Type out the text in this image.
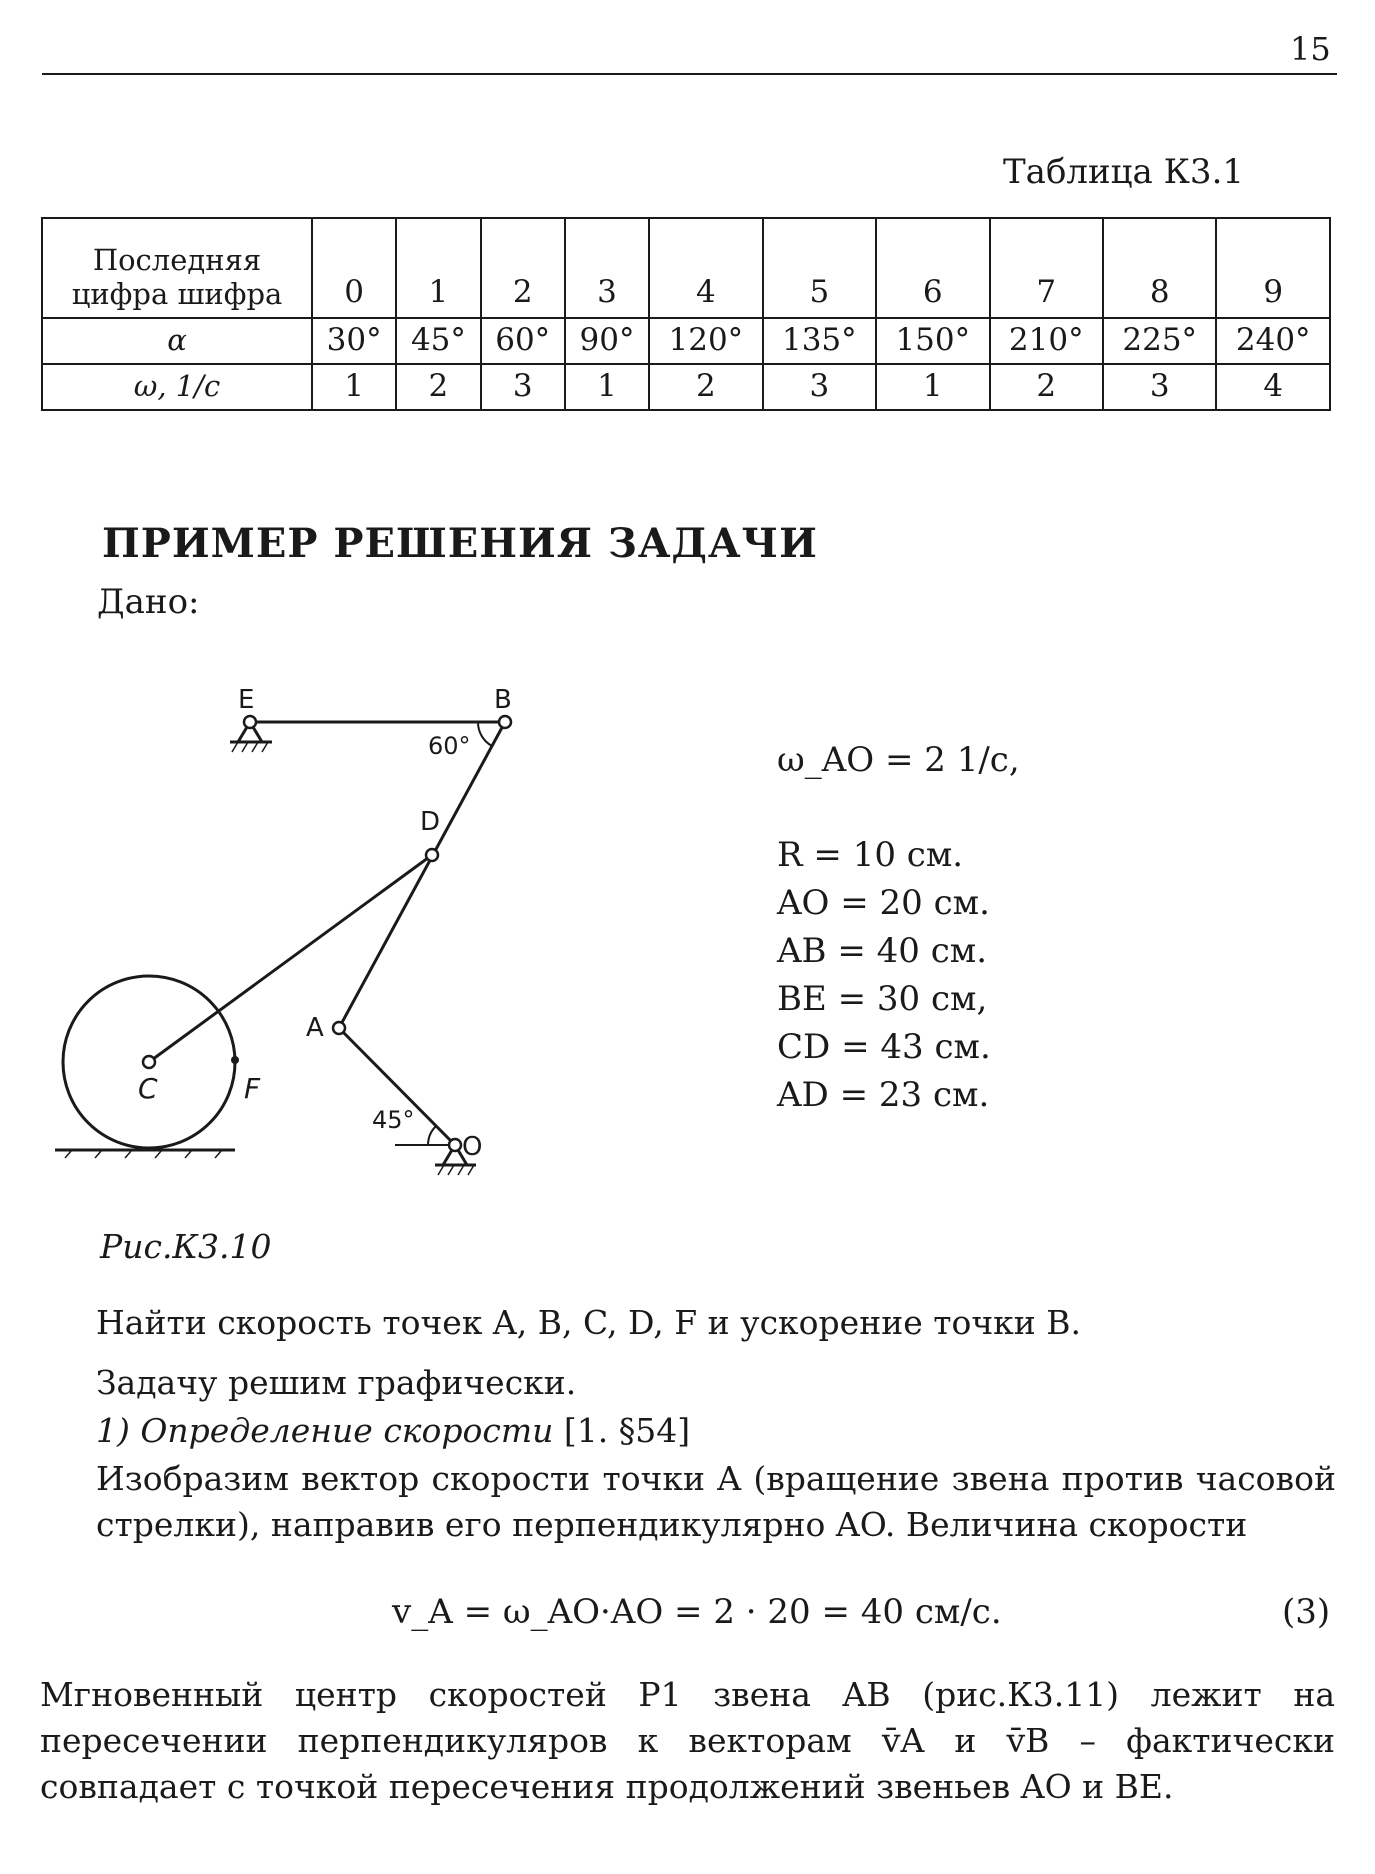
15
Таблица К3.1
Последняя
цифра шифра	0	1	2	3	4	5	6	7	8	9
α	30°	45°	60°	90°	120°	135°	150°	210°	225°	240°
ω, 1/с	1	2	3	1	2	3	1	2	3	4
ПРИМЕР РЕШЕНИЯ ЗАДАЧИ
Дано:
E	B
D
A
C	F
O
60°
45°
ω_AO = 2 1/c,
R = 10 см.
AO = 20 см.
AB = 40 см.
BE = 30 см,
CD = 43 см.
AD = 23 см.
Рис.К3.10
Найти скорость точек A, B, C, D, F и ускорение точки B.
Задачу решим графически.
1) Определение скорости [1. §54]
Изобразим вектор скорости точки A (вращение звена против часовой стрелки), направив его перпендикулярно AO. Величина скорости
v_A = ω_AO·AO = 2 · 20 = 40 см/с.	(3)
Мгновенный центр скоростей P1 звена AB (рис.К3.11) лежит на пересечении перпендикуляров к векторам v̄A и v̄B – фактически совпадает с точкой пересечения продолжений звеньев AO и BE.
